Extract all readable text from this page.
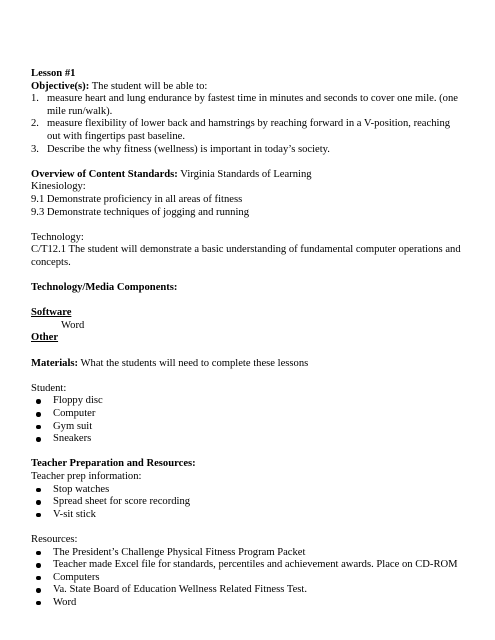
Lesson #1
Objective(s): The student will be able to:
1. measure heart and lung endurance by fastest time in minutes and seconds to cover one mile. (one mile run/walk).
2. measure flexibility of lower back and hamstrings by reaching forward in a V-position, reaching out with fingertips past baseline.
3. Describe the why fitness (wellness) is important in today’s society.
Overview of Content Standards: Virginia Standards of Learning
Kinesiology:
9.1 Demonstrate proficiency in all areas of fitness
9.3 Demonstrate techniques of jogging and running
Technology:
C/T12.1 The student will demonstrate a basic understanding of fundamental computer operations and concepts.
Technology/Media Components:
Software
Word
Other
Materials: What the students will need to complete these lessons
Student:
Floppy disc
Computer
Gym suit
Sneakers
Teacher Preparation and Resources:
Teacher prep information:
Stop watches
Spread sheet for score recording
V-sit stick
Resources:
The President’s Challenge Physical Fitness Program Packet
Teacher made Excel file for standards, percentiles and achievement awards. Place on CD-ROM
Computers
Va. State Board of Education Wellness Related Fitness Test.
Word
